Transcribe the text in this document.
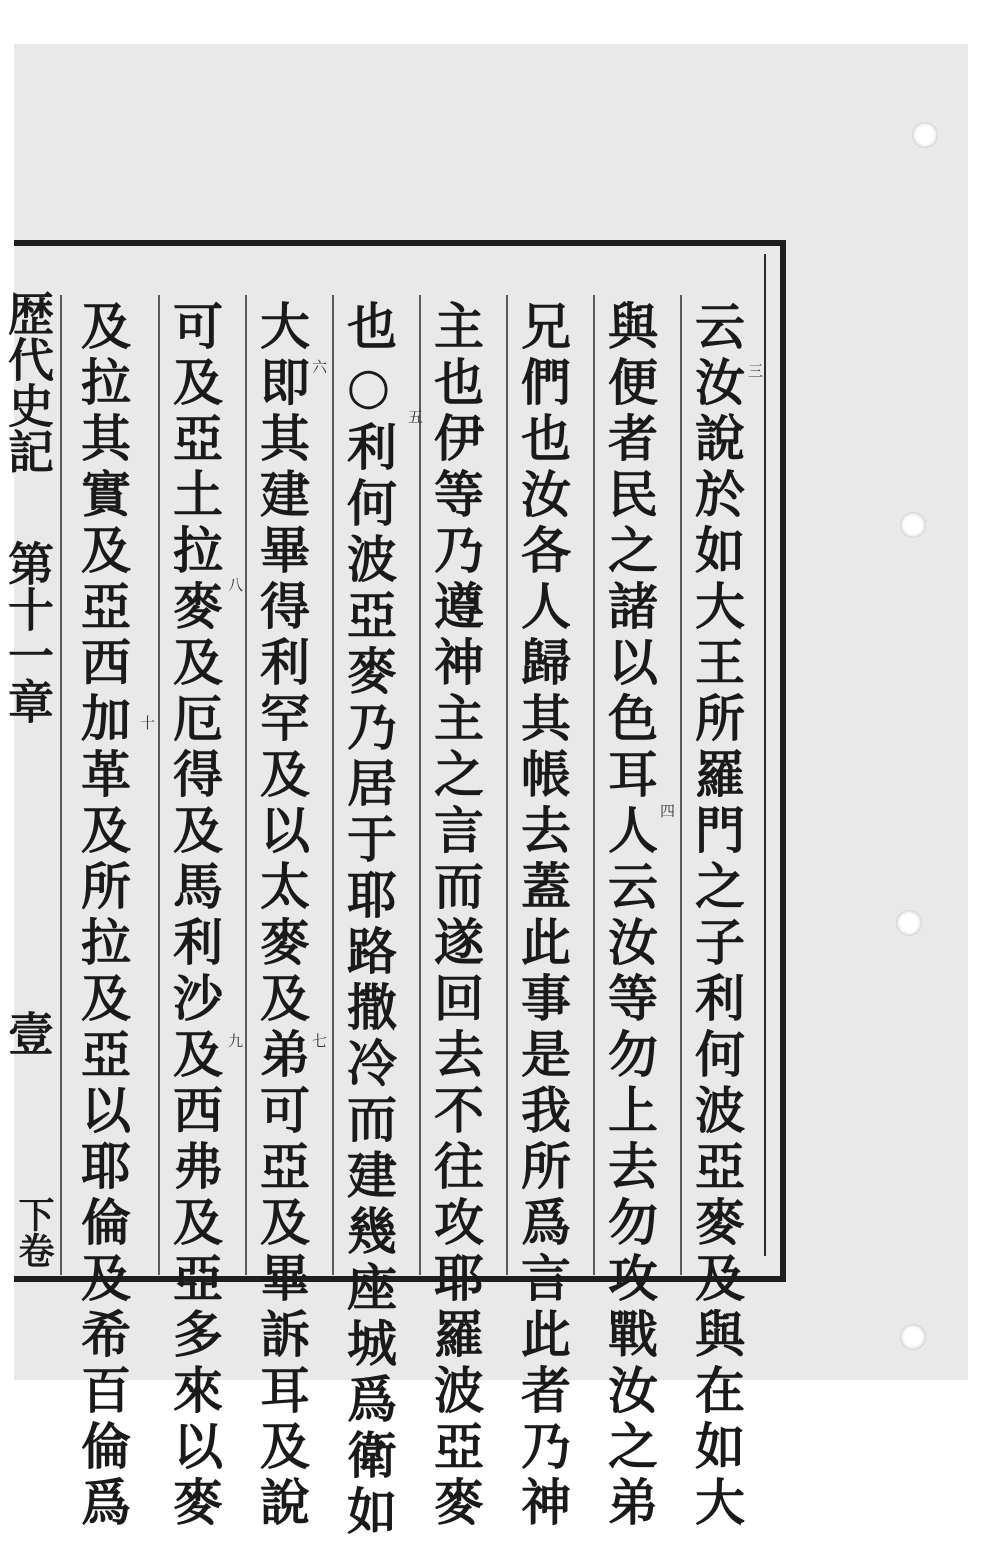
云汝說於如大王所羅門之子利何波亞麥及與在如大
與便者民之諸以色耳人云汝等勿上去勿攻戰汝之弟
兄們也汝各人歸其帳去蓋此事是我所爲言此者乃神
主也伊等乃遵神主之言而遂回去不往攻耶羅波亞麥
也○利何波亞麥乃居于耶路撒冷而建幾座城爲衛如
大即其建畢得利罕及以太麥及弟可亞及畢訴耳及說
可及亞土拉麥及厄得及馬利沙及西弗及亞多來以麥
及拉其實及亞西加革及所拉及亞以耶倫及希百倫爲	三
四
五
六
七
八
九
十
歴代史記
第十一章
壹
下卷
